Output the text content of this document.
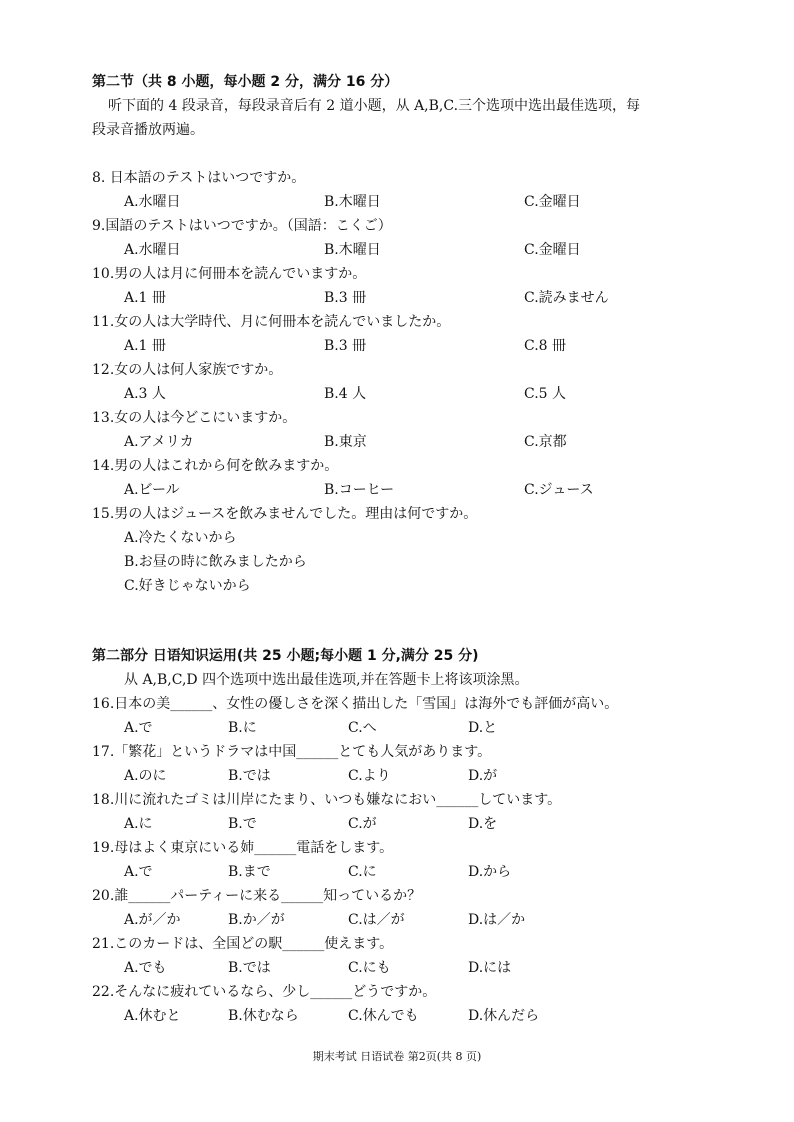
第二节（共 8 小题，每小题 2 分，满分 16 分）
听下面的 4 段录音，每段录音后有 2 道小题，从 A,B,C.三个选项中选出最佳选项，每
段录音播放两遍。
8. 日本語のテストはいつですか。
A.水曜日	B.木曜日	C.金曜日
9.国語のテストはいつですか。（国語：こくご）
A.水曜日	B.木曜日	C.金曜日
10.男の人は月に何冊本を読んでいますか。
A.1 冊	B.3 冊	C.読みません
11.女の人は大学時代、月に何冊本を読んでいましたか。
A.1 冊	B.3 冊	C.8 冊
12.女の人は何人家族ですか。
A.3 人	B.4 人	C.5 人
13.女の人は今どこにいますか。
A.アメリカ	B.東京	C.京都
14.男の人はこれから何を飲みますか。
A.ビール	B.コーヒー	C.ジュース
15.男の人はジュースを飲みませんでした。理由は何ですか。
A.冷たくないから
B.お昼の時に飲みましたから
C.好きじゃないから
第二部分 日语知识运用(共 25 小题;每小题 1 分,满分 25 分)
从 A,B,C,D 四个选项中选出最佳选项,并在答题卡上将该项涂黑。
16.日本の美______、女性の優しさを深く描出した「雪国」は海外でも評価が高い。
A.で	B.に	C.へ	D.と
17.「繁花」というドラマは中国______とても人気があります。
A.のに	B.では	C.より	D.が
18.川に流れたゴミは川岸にたまり、いつも嫌なにおい______しています。
A.に	B.で	C.が	D.を
19.母はよく東京にいる姉______電話をします。
A.で	B.まで	C.に	D.から
20.誰______パーティーに来る______知っているか？
A.が／か	B.か／が	C.は／が	D.は／か
21.このカードは、全国どの駅______使えます。
A.でも	B.では	C.にも	D.には
22.そんなに疲れているなら、少し______どうですか。
A.休むと	B.休むなら	C.休んでも	D.休んだら
期末考试 日语试卷 第2页(共 8 页)
